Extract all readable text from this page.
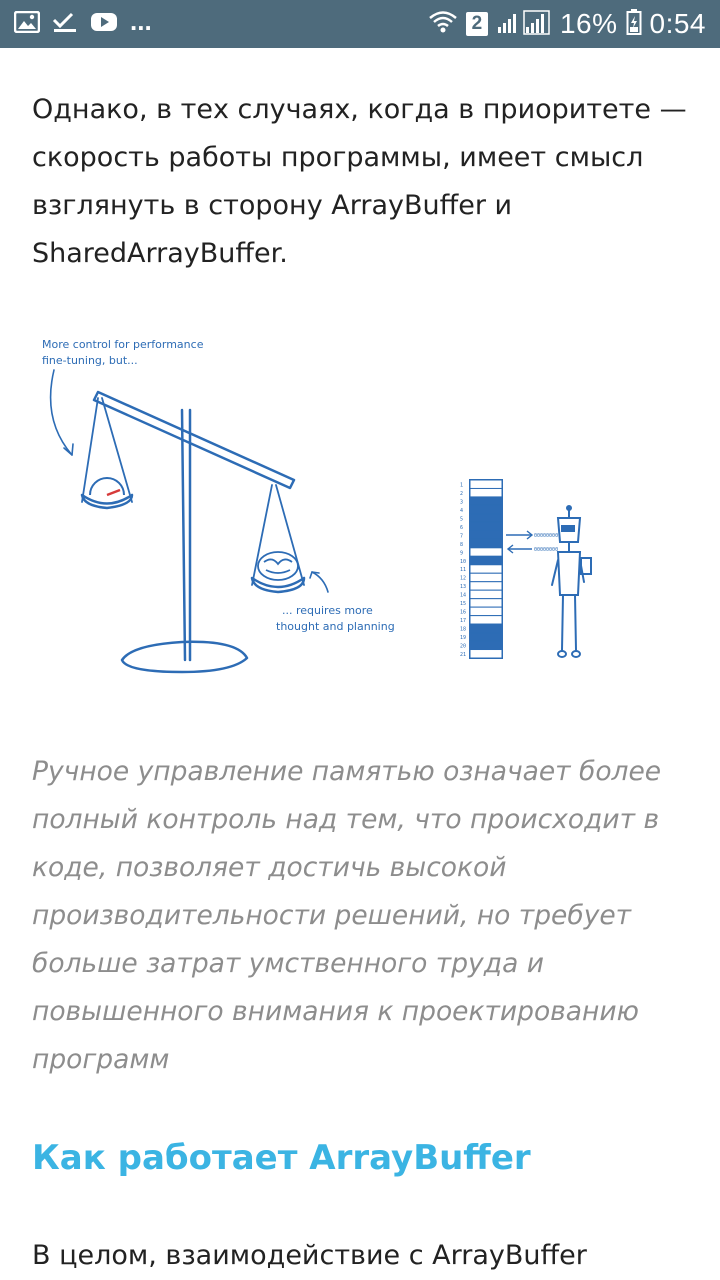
...	2	16% 0:54

Однако, в тех случаях, когда в приоритете — скорость работы программы, имеет смысл взглянуть в сторону ArrayBuffer и SharedArrayBuffer.

Ручное управление памятью означает более полный контроль над тем, что происходит в коде, позволяет достичь высокой производительности решений, но требует больше затрат умственного труда и повышенного внимания к проектированию программ

Как работает ArrayBuffer

В целом, взаимодействие с ArrayBuffer

More control for performance
fine-tuning, but...
... requires more
thought and planning
1
2
3
4
5
6
7
8
9
10
11
12
13
14
15
16
17
18
19
20
21
00000000
00000000
